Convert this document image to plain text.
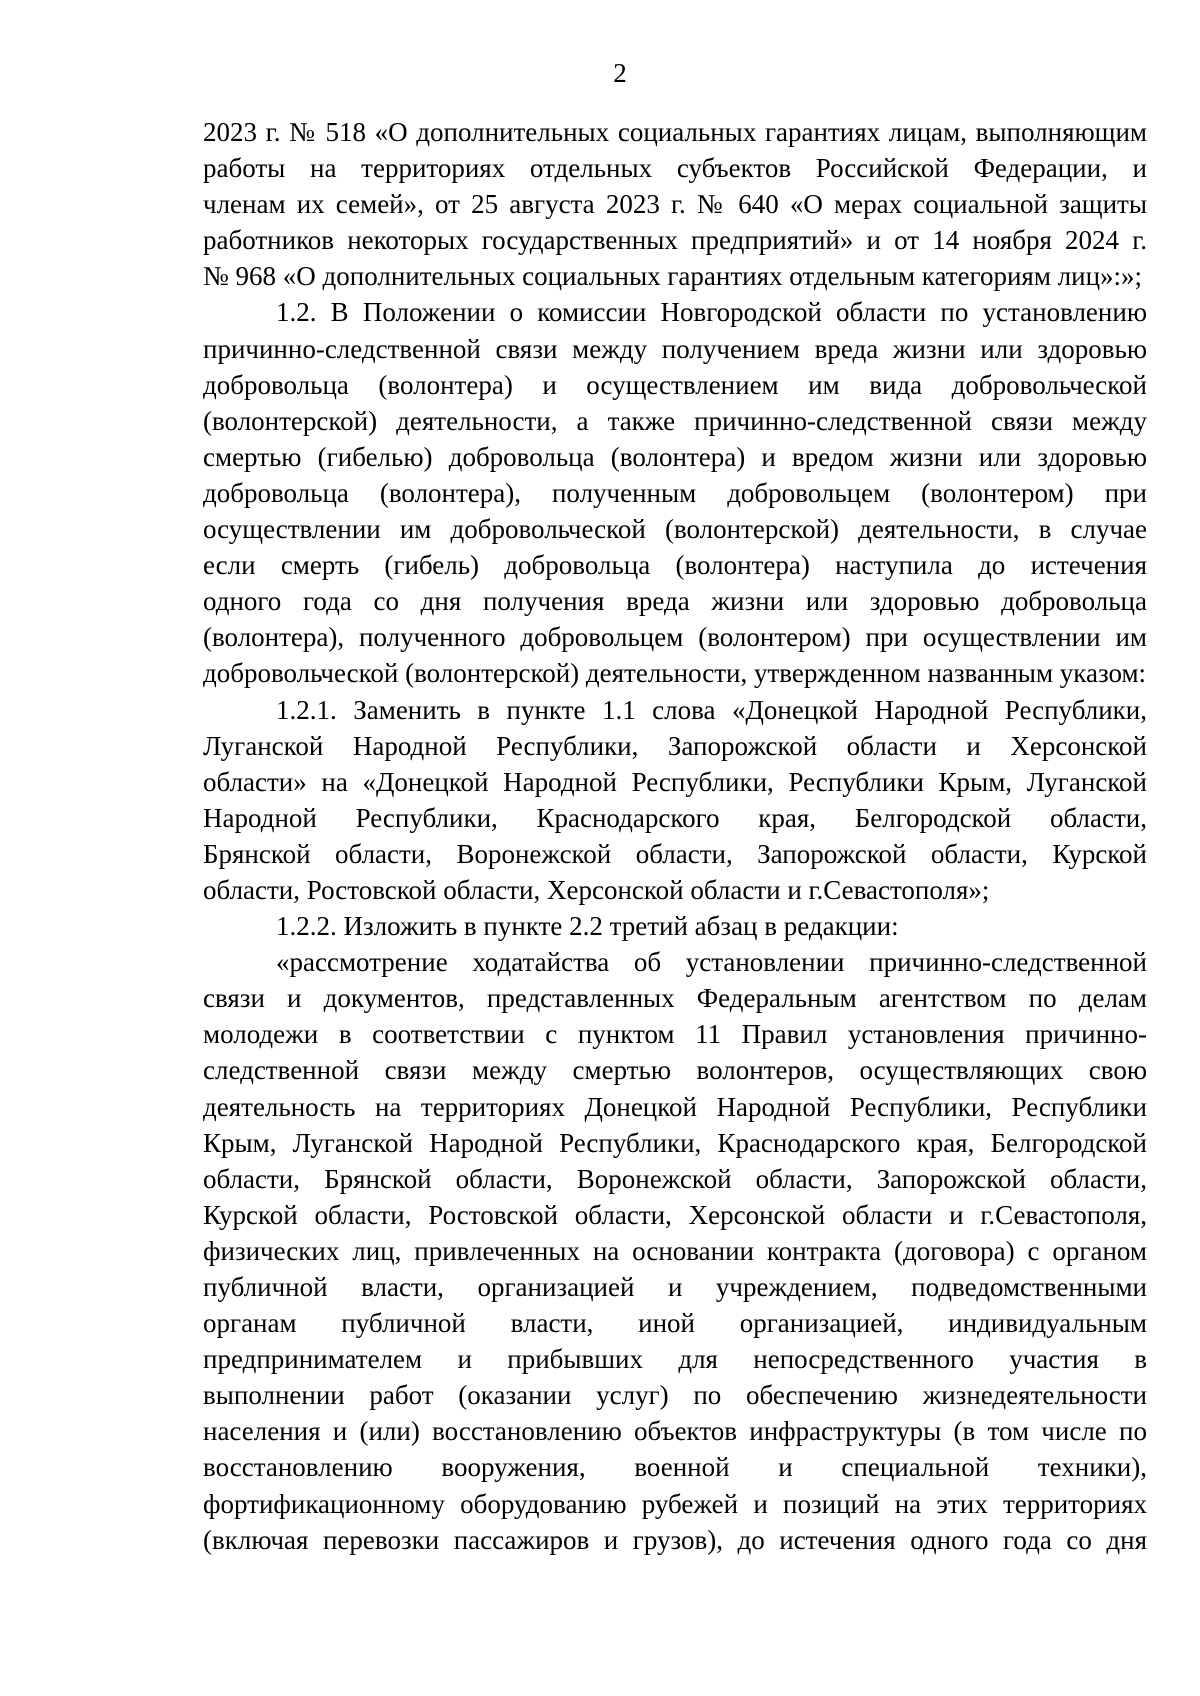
2
2023 г. № 518 «О дополнительных социальных гарантиях лицам, выполняющим
работы на территориях отдельных субъектов Российской Федерации, и
членам их семей», от 25 августа 2023 г. № 640 «О мерах социальной защиты
работников некоторых государственных предприятий» и от 14 ноября 2024 г.
№ 968 «О дополнительных социальных гарантиях отдельным категориям лиц»:»;
1.2. В Положении о комиссии Новгородской области по установлению
причинно-следственной связи между получением вреда жизни или здоровью
добровольца (волонтера) и осуществлением им вида добровольческой
(волонтерской) деятельности, а также причинно-следственной связи между
смертью (гибелью) добровольца (волонтера) и вредом жизни или здоровью
добровольца (волонтера), полученным добровольцем (волонтером) при
осуществлении им добровольческой (волонтерской) деятельности, в случае
если смерть (гибель) добровольца (волонтера) наступила до истечения
одного года со дня получения вреда жизни или здоровью добровольца
(волонтера), полученного добровольцем (волонтером) при осуществлении им
добровольческой (волонтерской) деятельности, утвержденном названным указом:
1.2.1. Заменить в пункте 1.1 слова «Донецкой Народной Республики,
Луганской Народной Республики, Запорожской области и Херсонской
области» на «Донецкой Народной Республики, Республики Крым, Луганской
Народной Республики, Краснодарского края, Белгородской области,
Брянской области, Воронежской области, Запорожской области, Курской
области, Ростовской области, Херсонской области и г.Севастополя»;
1.2.2. Изложить в пункте 2.2 третий абзац в редакции:
«рассмотрение ходатайства об установлении причинно-следственной
связи и документов, представленных Федеральным агентством по делам
молодежи в соответствии с пунктом 11 Правил установления причинно-
следственной связи между смертью волонтеров, осуществляющих свою
деятельность на территориях Донецкой Народной Республики, Республики
Крым, Луганской Народной Республики, Краснодарского края, Белгородской
области, Брянской области, Воронежской области, Запорожской области,
Курской области, Ростовской области, Херсонской области и г.Севастополя,
физических лиц, привлеченных на основании контракта (договора) с органом
публичной власти, организацией и учреждением, подведомственными
органам публичной власти, иной организацией, индивидуальным
предпринимателем и прибывших для непосредственного участия в
выполнении работ (оказании услуг) по обеспечению жизнедеятельности
населения и (или) восстановлению объектов инфраструктуры (в том числе по
восстановлению вооружения, военной и специальной техники),
фортификационному оборудованию рубежей и позиций на этих территориях
(включая перевозки пассажиров и грузов), до истечения одного года со дня
